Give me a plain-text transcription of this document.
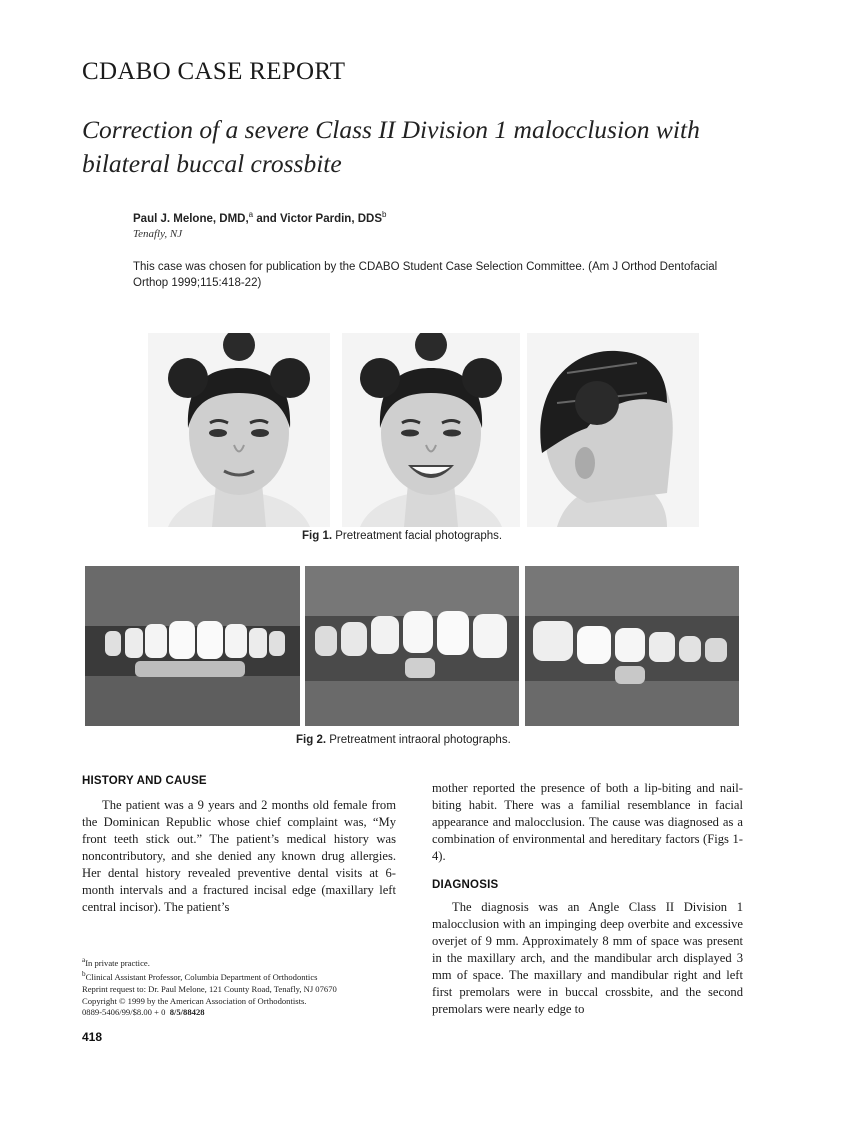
CDABO CASE REPORT
Correction of a severe Class II Division 1 malocclusion with bilateral buccal crossbite
Paul J. Melone, DMD,$^a$ and Victor Pardin, DDS$^b$
Tenafly, NJ
This case was chosen for publication by the CDABO Student Case Selection Committee. (Am J Orthod Dentofacial Orthop 1999;115:418-22)
Fig 1. Pretreatment facial photographs.
Fig 2. Pretreatment intraoral photographs.
HISTORY AND CAUSE

The patient was a 9 years and 2 months old female from the Dominican Republic whose chief complaint was, “My front teeth stick out.” The patient’s medical history was noncontributory, and she denied any known drug allergies. Her dental history revealed preventive dental visits at 6-month intervals and a fractured incisal edge (maxillary left central incisor). The patient’s

mother reported the presence of both a lip-biting and nail-biting habit. There was a familial resemblance in facial appearance and malocclusion. The cause was diagnosed as a combination of environmental and hereditary factors (Figs 1-4).

DIAGNOSIS

The diagnosis was an Angle Class II Division 1 malocclusion with an impinging deep overbite and excessive overjet of 9 mm. Approximately 8 mm of space was present in the maxillary arch, and the mandibular arch displayed 3 mm of space. The maxillary and mandibular right and left first premolars were in buccal crossbite, and the second premolars were nearly edge to

$^a$In private practice.
$^b$Clinical Assistant Professor, Columbia Department of Orthodontics
Reprint request to: Dr. Paul Melone, 121 County Road, Tenafly, NJ 07670
Copyright © 1999 by the American Association of Orthodontists.
0889-5406/99/$8.00 + 0 8/5/88428
418
